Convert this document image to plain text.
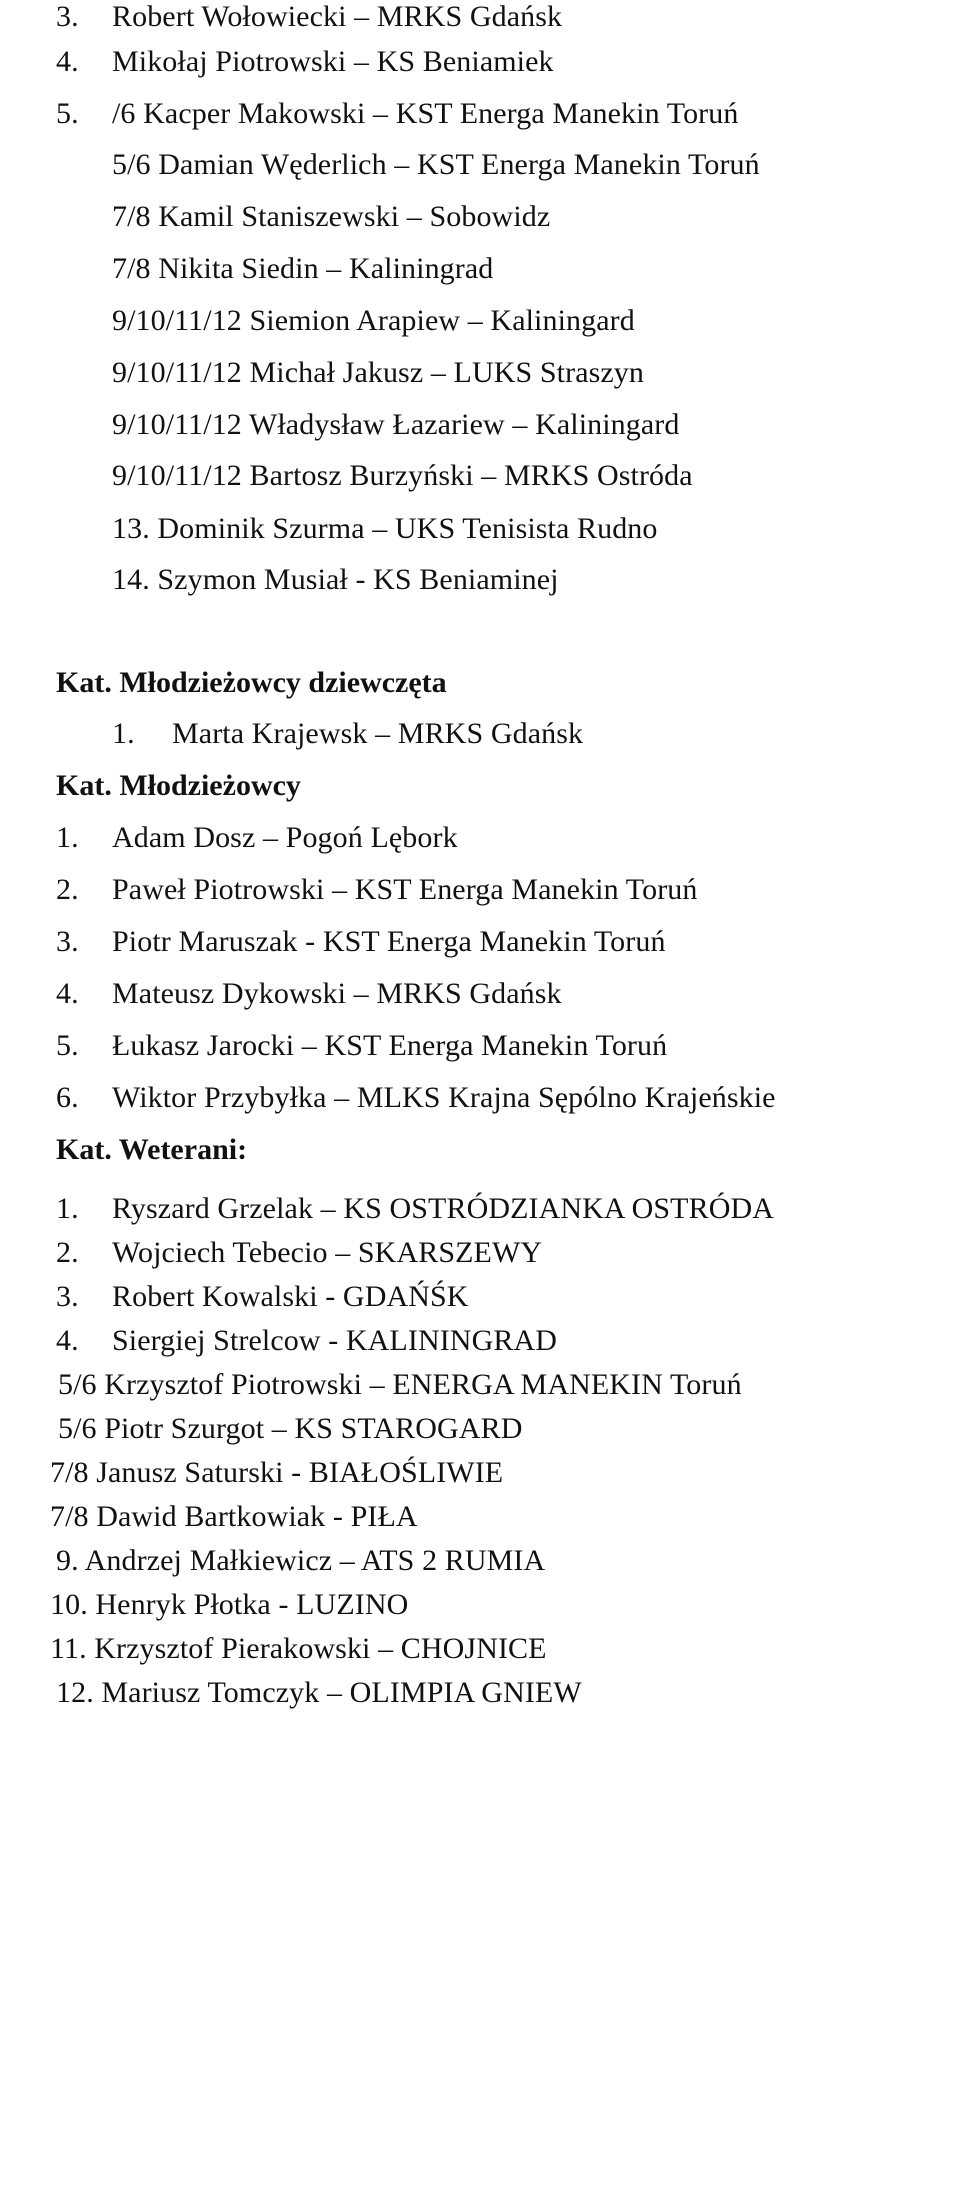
3. Robert Wołowiecki – MRKS Gdańsk
4. Mikołaj Piotrowski – KS Beniamiek
5. /6 Kacper Makowski – KST Energa Manekin Toruń
5/6 Damian Węderlich – KST Energa Manekin Toruń
7/8 Kamil Staniszewski – Sobowidz
7/8 Nikita Siedin – Kaliningrad
9/10/11/12 Siemion Arapiew – Kaliningard
9/10/11/12 Michał Jakusz – LUKS Straszyn
9/10/11/12 Władysław Łazariew – Kaliningard
9/10/11/12 Bartosz Burzyński – MRKS Ostróda
13. Dominik Szurma – UKS Tenisista Rudno
14. Szymon Musiał - KS Beniaminej
Kat. Młodzieżowcy dziewczęta
1. Marta Krajewsk – MRKS Gdańsk
Kat. Młodzieżowcy
1. Adam Dosz – Pogoń Lębork
2. Paweł Piotrowski – KST Energa Manekin Toruń
3. Piotr Maruszak - KST Energa Manekin Toruń
4. Mateusz Dykowski – MRKS Gdańsk
5. Łukasz Jarocki – KST Energa Manekin Toruń
6. Wiktor Przybyłka – MLKS Krajna Sępólno Krajeńskie
Kat. Weterani:
1. Ryszard Grzelak – KS OSTRÓDZIANKA OSTRÓDA
2. Wojciech Tebecio – SKARSZEWY
3. Robert Kowalski - GDAŃŚK
4. Siergiej Strelcow - KALININGRAD
5/6 Krzysztof Piotrowski – ENERGA MANEKIN Toruń
5/6 Piotr Szurgot – KS STAROGARD
7/8 Janusz Saturski - BIAŁOŚLIWIE
7/8 Dawid Bartkowiak - PIŁA
9. Andrzej Małkiewicz – ATS 2 RUMIA
10. Henryk Płotka - LUZINO
11. Krzysztof Pierakowski – CHOJNICE
12. Mariusz Tomczyk – OLIMPIA GNIEW
